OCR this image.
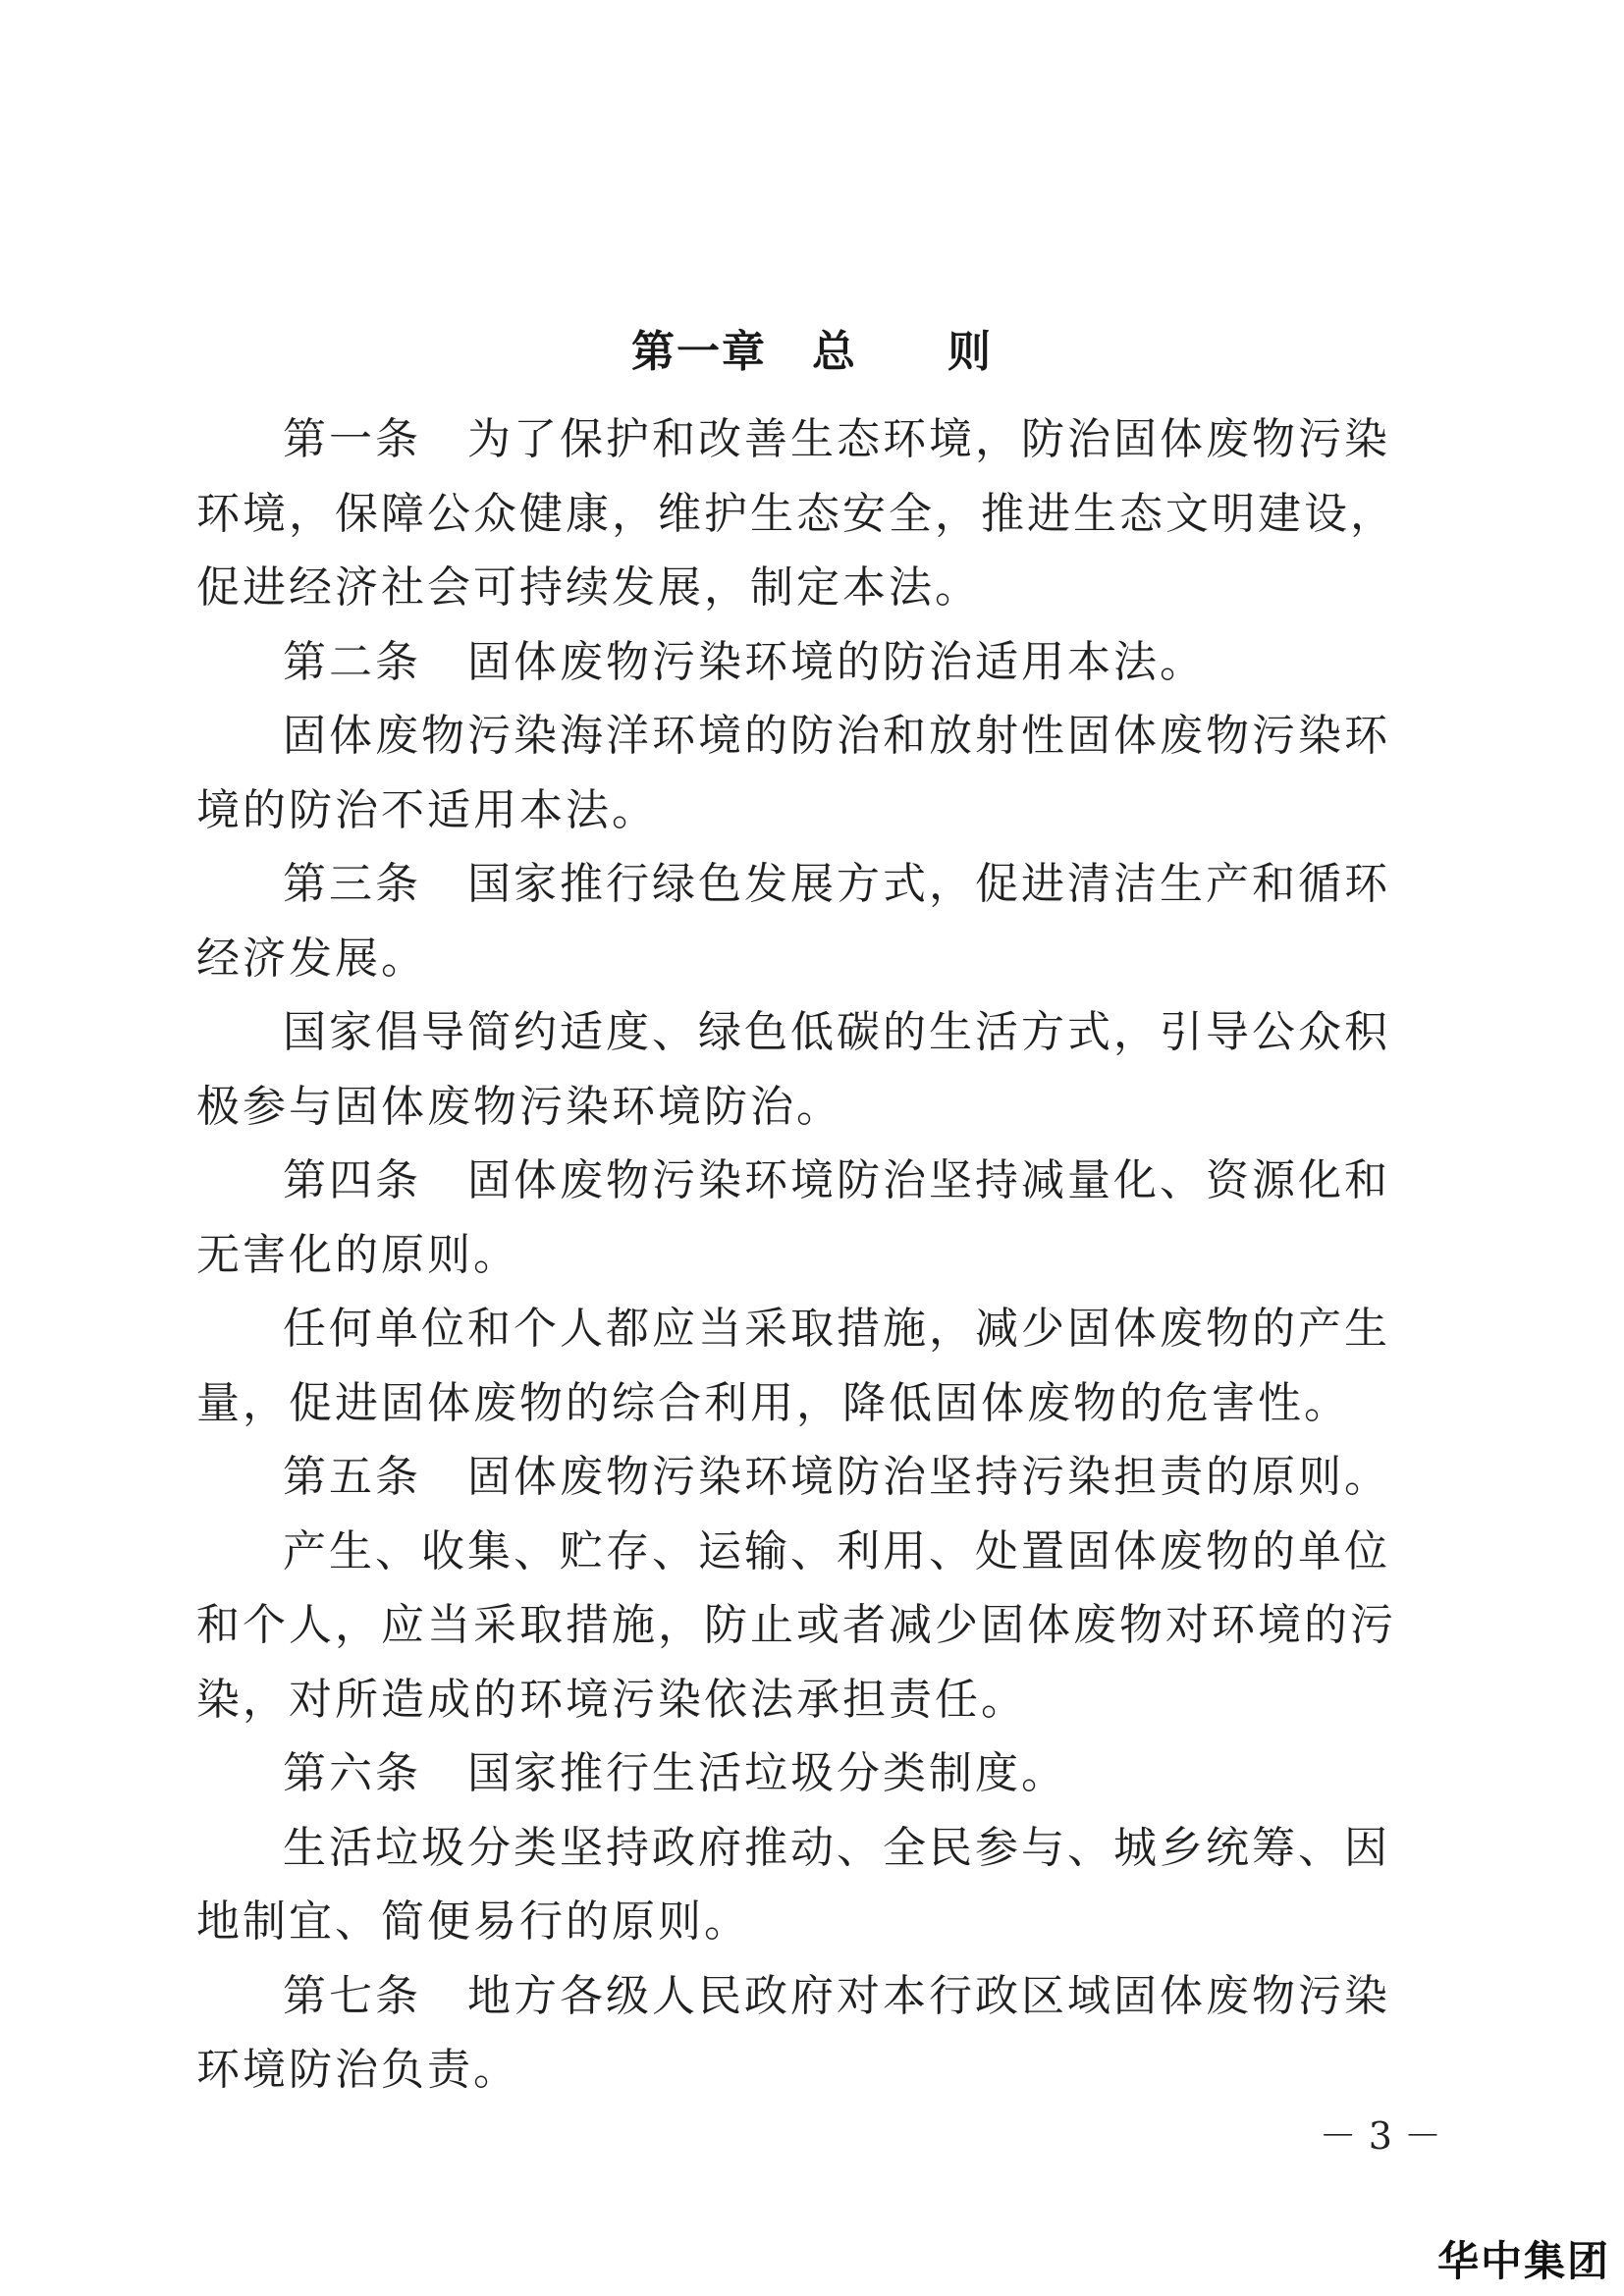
第一章　总　　则

第一条　为了保护和改善生态环境，防治固体废物污染环境，保障公众健康，维护生态安全，推进生态文明建设，促进经济社会可持续发展，制定本法。

第二条　固体废物污染环境的防治适用本法。

固体废物污染海洋环境的防治和放射性固体废物污染环境的防治不适用本法。

第三条　国家推行绿色发展方式，促进清洁生产和循环经济发展。

国家倡导简约适度、绿色低碳的生活方式，引导公众积极参与固体废物污染环境防治。

第四条　固体废物污染环境防治坚持减量化、资源化和无害化的原则。

任何单位和个人都应当采取措施，减少固体废物的产生量，促进固体废物的综合利用，降低固体废物的危害性。

第五条　固体废物污染环境防治坚持污染担责的原则。

产生、收集、贮存、运输、利用、处置固体废物的单位和个人，应当采取措施，防止或者减少固体废物对环境的污染，对所造成的环境污染依法承担责任。

第六条　国家推行生活垃圾分类制度。

生活垃圾分类坚持政府推动、全民参与、城乡统筹、因地制宜、简便易行的原则。

第七条　地方各级人民政府对本行政区域固体废物污染环境防治负责。

－ 3 －
华中集团
